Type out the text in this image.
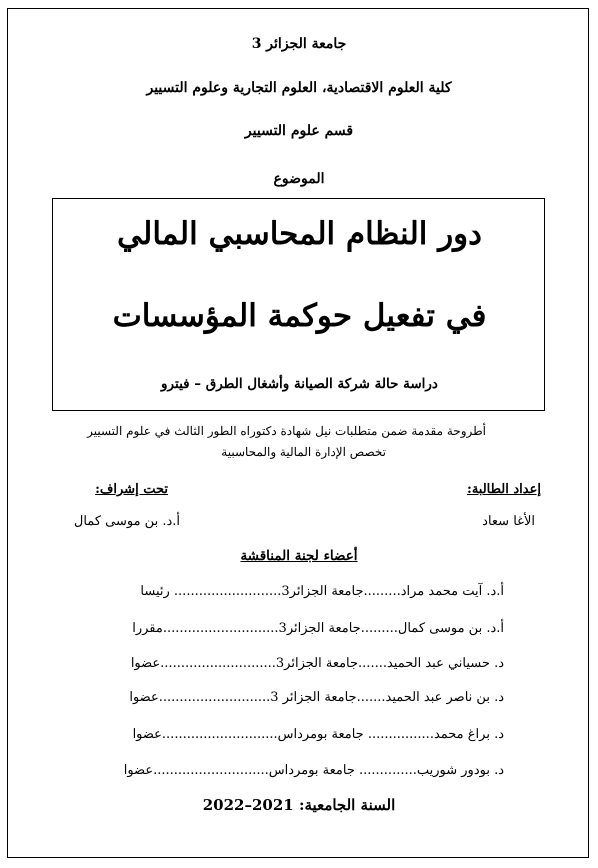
جامعة الجزائر 3
كلية العلوم الاقتصادية، العلوم التجارية وعلوم التسيير
قسم علوم التسيير
الموضوع
دور النظام المحاسبي المالي
في تفعيل حوكمة المؤسسات
دراسة حالة شركة الصيانة وأشغال الطرق – فيترو
أطروحة مقدمة ضمن متطلبات نيل شهادة دكتوراه الطور الثالث في علوم التسيير
تخصص الإدارة المالية والمحاسبية
إعداد الطالبة:
الأغا سعاد
تحت إشراف:
أ.د. بن موسى كمال
أعضاء لجنة المناقشة
أ.د. آيت محمد مراد.........جامعة الجزائر3.......................... رئيسا
أ.د. بن موسى كمال.........جامعة الجزائر3............................مقررا
د. حسياني عبد الحميد.......جامعة الجزائر3............................عضوا
د. بن ناصر عبد الحميد.......جامعة الجزائر 3...........................عضوا
د. براغ محمد................ جامعة بومرداس............................عضوا
د. بودور شوريب.............. جامعة بومرداس............................عضوا
السنة الجامعية: 2021–2022
